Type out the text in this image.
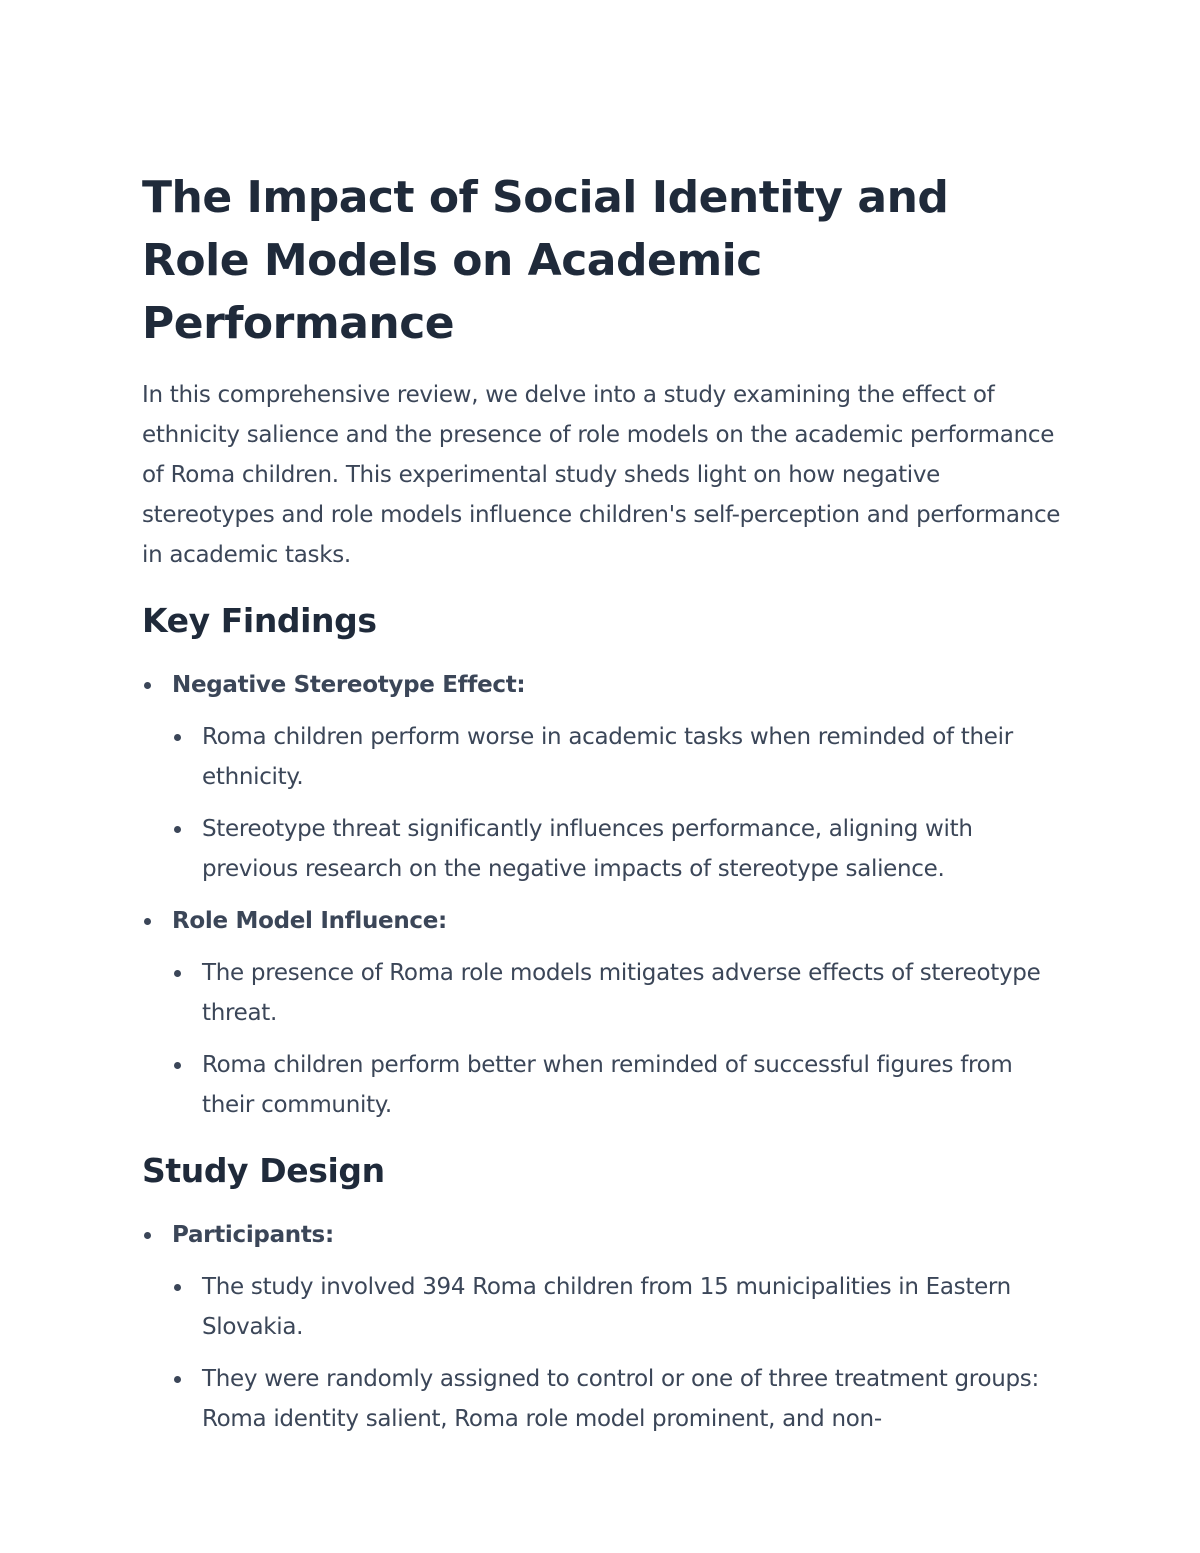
The Impact of Social Identity and Role Models on Academic Performance

In this comprehensive review, we delve into a study examining the effect of ethnicity salience and the presence of role models on the academic performance of Roma children. This experimental study sheds light on how negative stereotypes and role models influence children's self-perception and performance in academic tasks.

Key Findings
Negative Stereotype Effect:
Roma children perform worse in academic tasks when reminded of their ethnicity.
Stereotype threat significantly influences performance, aligning with previous research on the negative impacts of stereotype salience.
Role Model Influence:
The presence of Roma role models mitigates adverse effects of stereotype threat.
Roma children perform better when reminded of successful figures from their community.
Study Design
Participants:
The study involved 394 Roma children from 15 municipalities in Eastern Slovakia.
They were randomly assigned to control or one of three treatment groups: Roma identity salient, Roma role model prominent, and non-
